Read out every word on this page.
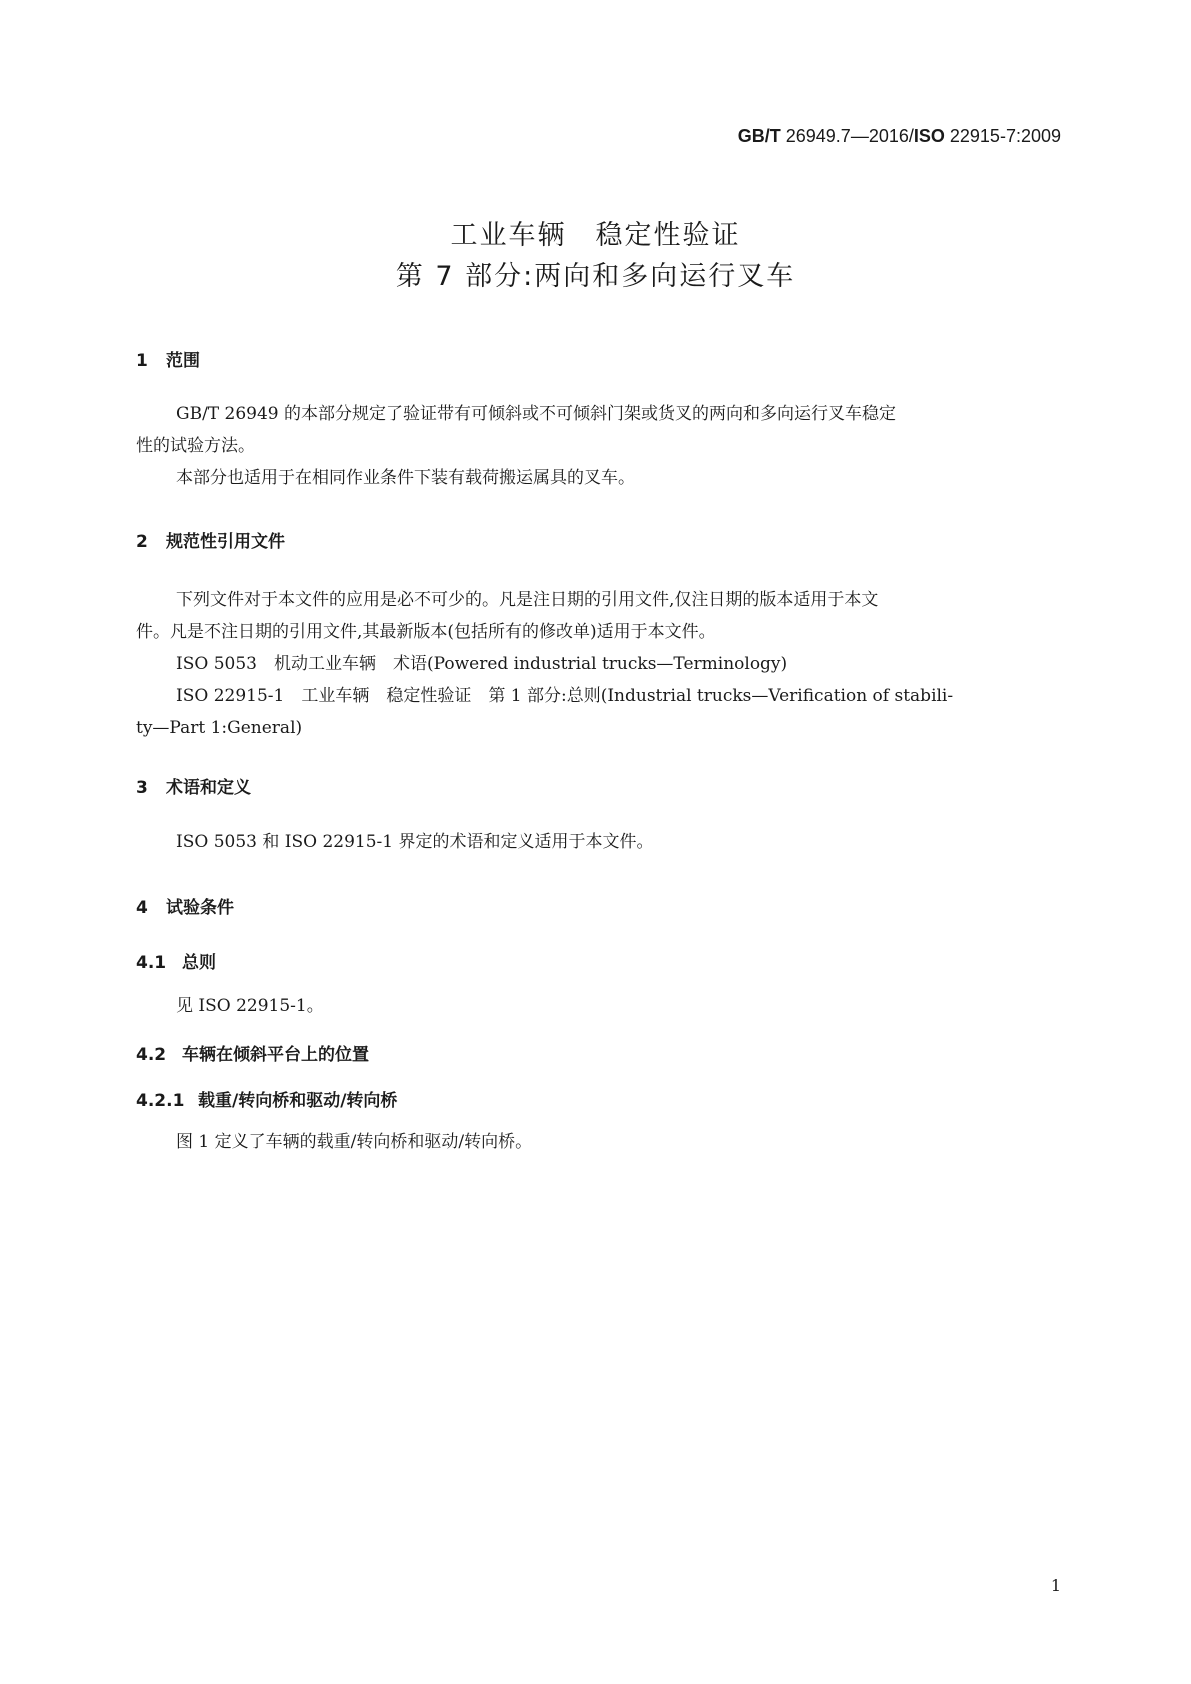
GB/T 26949.7—2016/ISO 22915-7:2009
工业车辆　稳定性验证
第 7 部分:两向和多向运行叉车
1 范围
GB/T 26949 的本部分规定了验证带有可倾斜或不可倾斜门架或货叉的两向和多向运行叉车稳定
性的试验方法。
本部分也适用于在相同作业条件下装有载荷搬运属具的叉车。
2 规范性引用文件
下列文件对于本文件的应用是必不可少的。凡是注日期的引用文件,仅注日期的版本适用于本文
件。凡是不注日期的引用文件,其最新版本(包括所有的修改单)适用于本文件。
ISO 5053　机动工业车辆　术语(Powered industrial trucks—Terminology)
ISO 22915-1　工业车辆　稳定性验证　第 1 部分:总则(Industrial trucks—Verification of stabili-
ty—Part 1:General)
3 术语和定义
ISO 5053 和 ISO 22915-1 界定的术语和定义适用于本文件。
4 试验条件
4.1 总则
见 ISO 22915-1。
4.2 车辆在倾斜平台上的位置
4.2.1 载重/转向桥和驱动/转向桥
图 1 定义了车辆的载重/转向桥和驱动/转向桥。
1
